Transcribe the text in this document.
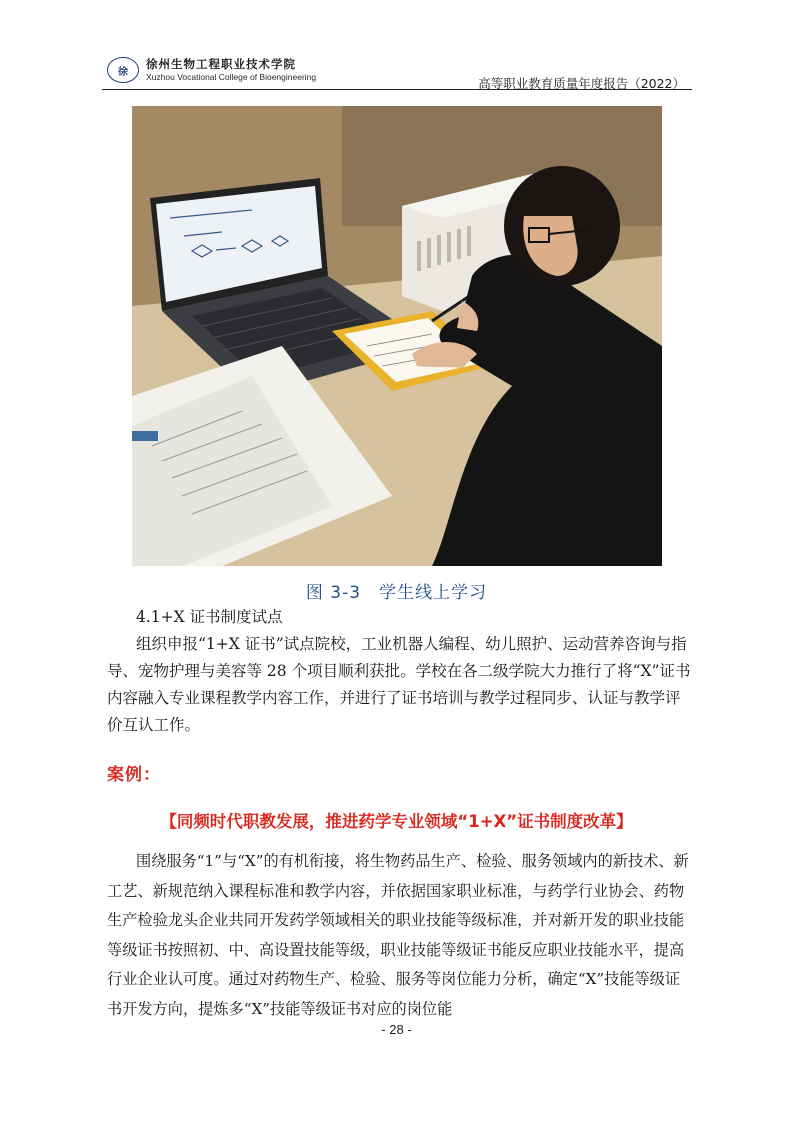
徐
徐州生物工程职业技术学院
Xuzhou Vocational College of Bioengineering	高等职业教育质量年度报告（2022）
图 3-3　学生线上学习

4.1+X 证书制度试点

组织申报“1+X 证书”试点院校，工业机器人编程、幼儿照护、运动营养咨询与指导、宠物护理与美容等 28 个项目顺利获批。学校在各二级学院大力推行了将“X”证书内容融入专业课程教学内容工作，并进行了证书培训与教学过程同步、认证与教学评价互认工作。

案例：
【同频时代职教发展，推进药学专业领域“1+X”证书制度改革】

围绕服务“1”与“X”的有机衔接，将生物药品生产、检验、服务领域内的新技术、新工艺、新规范纳入课程标准和教学内容，并依据国家职业标准，与药学行业协会、药物生产检验龙头企业共同开发药学领域相关的职业技能等级标准，并对新开发的职业技能等级证书按照初、中、高设置技能等级，职业技能等级证书能反应职业技能水平，提高行业企业认可度。通过对药物生产、检验、服务等岗位能力分析，确定“X”技能等级证书开发方向，提炼多“X”技能等级证书对应的岗位能

- 28 -
